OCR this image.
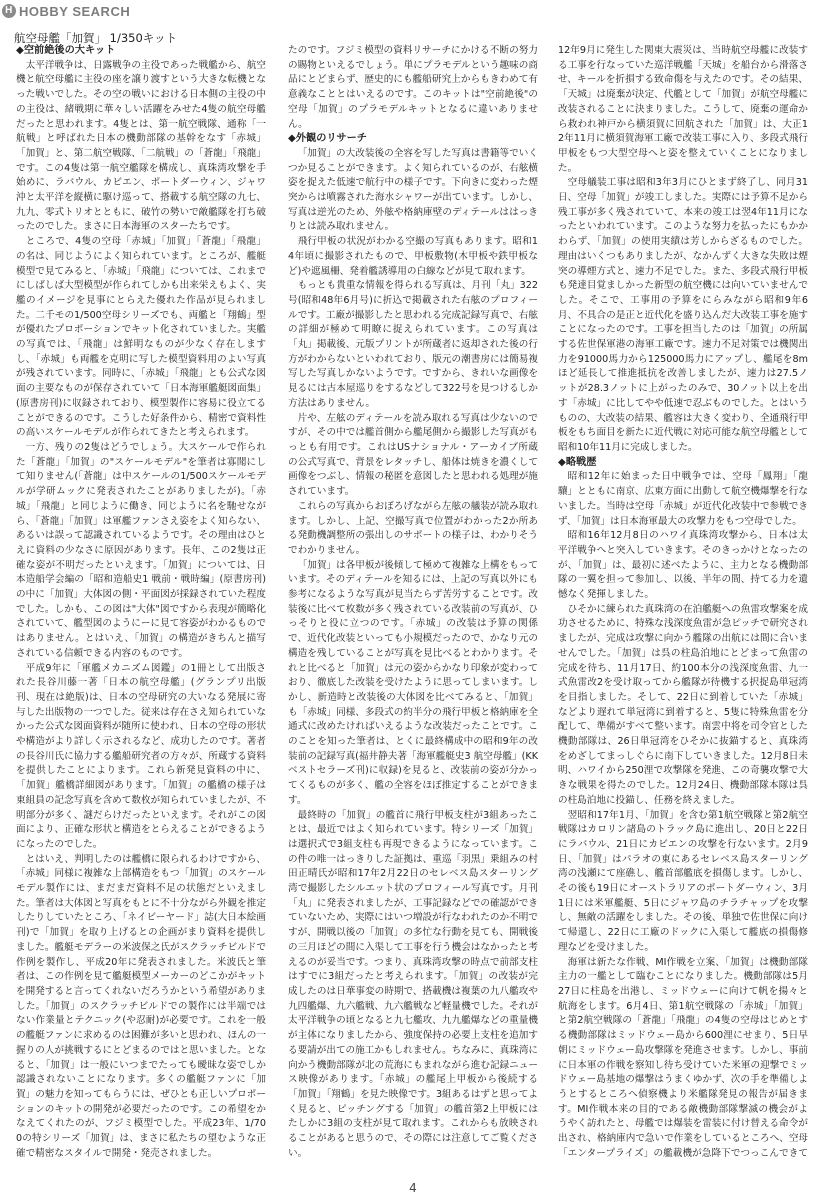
H HOBBY SEARCH
航空母艦「加賀」 1/350キット
◆空前絶後の大キット

太平洋戦争は、日露戦争の主役であった戦艦から、航空機と航空母艦に主役の座を譲り渡すという大きな転機となった戦いでした。その空の戦いにおける日本側の主役の中の主役は、緒戦期に華々しい活躍をみせた4隻の航空母艦だったと思われます。4隻とは、第一航空戦隊、通称「一航戦」と呼ばれた日本の機動部隊の基幹をなす「赤城」「加賀」と、第二航空戦隊、「二航戦」の「蒼龍」「飛龍」です。この4隻は第一航空艦隊を構成し、真珠湾攻撃を手始めに、ラバウル、カビエン、ポートダーウィン、ジャワ沖と太平洋を縦横に駆け巡って、搭載する航空隊の九七、九九、零式トリオとともに、破竹の勢いで敵艦隊を打ち破ったのでした。まさに日本海軍のスターたちです。

ところで、4隻の空母「赤城」「加賀」「蒼龍」「飛龍」の名は、同じようによく知られています。ところが、艦艇模型で見てみると、「赤城」「飛龍」については、これまでにしばしば大型模型が作られてしかも出来栄えもよく、実艦のイメージを見事にとらえた優れた作品が見られました。二千モの1/500空母シリーズでも、両艦と「翔鶴」型が優れたプロポーションでキット化されていました。実艦の写真では、「飛龍」は鮮明なものが少なく存在しますし、「赤城」も両艦を克明に写した模型資料用のよい写真が残されています。同時に、「赤城」「飛龍」とも公式な図面の主要なものが保存されていて「日本海軍艦艇図面集」(原書房刊)に収録されており、模型製作に容易に役立てることができるのです。こうした好条件から、精密で資料性の高いスケールモデルが作られてきたと考えられます。

一方、残りの2隻はどうでしょう。大スケールで作られた「蒼龍」「加賀」の"スケールモデル"を筆者は寡聞にして知りません(「蒼龍」は中スケールの1/500スケールモデルが学研ムックに発表されたことがありましたが)。「赤城」「飛龍」と同じように働き、同じように名を馳せながら、「蒼龍」「加賀」は軍艦ファンさえ姿をよく知らない、あるいは誤って認識されているようです。その理由はひとえに資料の少なさに原因があります。長年、この2隻は正確な姿が不明だったといえます。「加賀」については、日本造船学会編の「昭和造船史1 戦前・戦時編」(原書房刊)の中に「加賀」大体図の側・平面図が採録されていた程度でした。しかも、この図は"大体"図ですから表現が簡略化されていて、艦型図のようにーに見て容姿がわかるものではありません。とはいえ、「加賀」の構造がきちんと描写されている信頼できる内容のものです。

平成9年に「軍艦メカニズム図鑑」の1冊として出版された長谷川藤一著「日本の航空母艦」(グランプリ出版刊、現在は絶版)は、日本の空母研究の大いなる発展に寄与した出版物の一つでした。従来は存在さえ知られていなかった公式な図面資料が随所に使われ、日本の空母の形状や構造がより詳しく示されるなど、成功したのです。著者の長谷川氏に協力する艦船研究者の方々が、所蔵する資料を提供したことによります。これら新発見資料の中に、「加賀」艦橋詳細図があります。「加賀」の艦橋の様子は東組員の記念写真を含めて数枚が知られていましたが、不明部分が多く、謎だらけだったといえます。それがこの図面により、正確な形状と構造をとらえることができるようになったのでした。

とはいえ、判明したのは艦橋に限られるわけですから、「赤城」同様に複雑な上部構造をもつ「加賀」のスケールモデル製作には、まだまだ資料不足の状態だといえました。筆者は大体図と写真をもとに不十分ながら外観を推定したりしていたところ、「ネイビーヤード」誌(大日本絵画刊)で「加賀」を取り上げるとの企画がまり資料を提供しました。艦艇モデラーの米波保之氏がスクラッチビルドで作例を製作し、平成20年に発表されました。米波氏と筆者は、この作例を見て艦艇模型メーカーのどこかがキットを開発すると言ってくれないだろうかという希望がありました。「加賀」のスクラッチビルドでの製作には半端ではない作業量とテクニック(や忍耐)が必要です。これを一般の艦艇ファンに求めるのは困難が多いと思われ、ほんの一握りの人が挑戦するにとどまるのではと思いました。となると、「加賀」は一般にいつまでたっても曖昧な姿でしか認識されないことになります。多くの艦艇ファンに「加賀」の魅力を知ってもらうには、ぜひとも正しいプロポーションのキットの開発が必要だったのです。この希望をかなえてくれたのが、フジミ模型でした。平成23年、1/700の特シリーズ「加賀」は、まさに私たちの望むような正確で精密なスタイルで開発・発売されました。

たのです。フジミ模型の資料リサーチにかける不断の努力の賜物といえるでしょう。単にプラモデルという趣味の商品にとどまらず、歴史的にも艦船研究上からもきわめて有意義なこととはいえるのです。このキットは"空前絶後"の空母「加賀」のプラモデルキットとなるに違いありません。

◆外観のリサーチ

「加賀」の大改装後の全容を写した写真は書籍等でいくつか見ることができます。よく知られているのが、右舷横姿を捉えた低速で航行中の様子です。下向きに変わった煙突からは噴霧された海水シャワーが出ています。しかし、写真は逆光のため、外舷や格納庫壁のディテールははっきりとは読み取れません。

飛行甲板の状況がわかる空撮の写真もあります。昭和14年頃に撮影されたもので、甲板敷物(木甲板や鉄甲板など)や遮風柵、発着艦誘導用の白線などが見て取れます。

もっとも貴重な情報を得られる写真は、月刊「丸」322号(昭和48年6月号)に折込で掲載された右舷のプロフィールです。工廠が撮影したと思われる完成記録写真で、右舷の詳細が極めて明瞭に捉えられています。この写真は「丸」掲載後、元版プリントが所蔵者に返却された後の行方がわからないといわれており、版元の潮書房には簡易複写した写真しかないようです。ですから、きれいな画像を見るには古本屋巡りをするなどして322号を見つけるしか方法はありません。

片や、左舷のディテールを読み取れる写真は少ないのですが、その中では艦首側から艦尾側から撮影した写真がもっとも有用です。これはUSナショナル・アーカイブ所蔵の公式写真で、背景をレタッチし、船体は焼きを濃くして画像をつぶし、情報の秘匿を意図したと思われる処理が施されています。

これらの写真からおぼろげながら左舷の艤装が読み取れます。しかし、上記、空撮写真で位置がわかった2か所ある発動機調整所の張出しのサポートの様子は、わかりそうでわかりません。

「加賀」は各甲板が後傾して極めて複雑な上構をもっています。そのディテールを知るには、上記の写真以外にも参考になるような写真が見当たらず苦労することです。改装後に比べて枚数が多く残されている改装前の写真が、ひっそりと役に立つのです。「赤城」の改装は予算の関係で、近代化改装といっても小規模だったので、かなり元の構造を残していることが写真を見比べるとわかります。それと比べると「加賀」は元の姿からかなり印象が変わっており、徹底した改装を受けたように思ってしまいます。しかし、新造時と改装後の大体図を比べてみると、「加賀」も「赤城」同様、多段式の約半分の飛行甲板と格納庫を全通式に改めたければいえるような改装だったことです。このことを知った筆者は、とくに最終構成中の昭和9年の改装前の記録写真(福井静夫著「海軍艦艇史3 航空母艦」(KKベストセラーズ刊)に収録)を見ると、改装前の姿が分かってくるものが多く、艦の全容をほぼ推定することができます。

最終時の「加賀」の艦首に飛行甲板支柱が3組あったことは、最近ではよく知られています。特シリーズ「加賀」は選択式で3組支柱も再現できるようになっています。この件の唯一はっきりした証拠は、重巡「羽黒」乗組みの村田正晴氏が昭和17年2月22日のセレベス島スターリング湾で撮影したシルエット状のプロフィール写真です。月刊「丸」に発表されましたが、工事記録などでの確認ができていないため、実際にはいつ増設が行なわれたのか不明ですが、開戦以後の「加賀」の多忙な行動を見ても、開戦後の三月ほどの間に入渠して工事を行う機会はなかったと考えるのが妥当です。つまり、真珠湾攻撃の時点で前部支柱はすでに3組だったと考えられます。「加賀」の改装が完成したのは日華事変の時期で、搭載機は複葉の九八艦攻や九四艦爆、九六艦戦、九六艦戦など軽量機でした。それが太平洋戦争の頃となると九七艦攻、九九艦爆などの重量機が主体になりましたから、強度保持の必要上支柱を追加する要請が出ての施工かもしれません。ちなみに、真珠湾に向かう機動部隊が北の荒海にもまれながら進む記録ニュース映像があります。「赤城」の艦尾上甲板から後続する「加賀」「翔鶴」を見た映像です。3組あるはずと思ってよく見ると、ピッチングする「加賀」の艦首第2上甲板にはたしかに3組の支柱が見て取れます。これからも放映されることがあると思うので、その際には注意してご覧ください。

12年9月に発生した関東大震災は、当時航空母艦に改装する工事を行なっていた巡洋戦艦「天城」を船台から滑落させ、キールを折損する致命傷を与えたのです。その結果、「天城」は廃棄が決定、代艦として「加賀」が航空母艦に改装されることに決まりました。こうして、廃棄の運命から救われ神戸から横須賀に回航された「加賀」は、大正12年11月に横須賀海軍工廠で改装工事に入り、多段式飛行甲板をもつ大型空母へと姿を整えていくことになりました。

空母艤装工事は昭和3年3月にひとまず終了し、同月31日、空母「加賀」が竣工しました。実際には予算不足から残工事が多く残されていて、本来の竣工は翌4年11月になったといわれています。このような努力を払ったにもかかわらず、「加賀」の使用実績は芳しからざるものでした。理由はいくつもありましたが、なかんずく大きな失敗は煙突の導煙方式と、速力不足でした。また、多段式飛行甲板も発達目覚ましかった新型の航空機には向いていませんでした。そこで、工事用の予算をにらみながら昭和9年6月、不具合の是正と近代化を盛り込んだ大改装工事を施すことになったのです。工事を担当したのは「加賀」の所属する佐世保軍港の海軍工廠です。速力不足対策では機関出力を91000馬力から125000馬力にアップし、艦尾を8mほど延長して推進抵抗を改善しましたが、速力は27.5ノットが28.3ノットに上がったのみで、30ノット以上を出す「赤城」に比してやや低速で忍ぶものでした。とはいうものの、大改装の結果、艦容は大きく変わり、全通飛行甲板をもち面目を新たに近代戦に対応可能な航空母艦として昭和10年11月に完成しました。

◆略戦歴

昭和12年に始まった日中戦争では、空母「鳳翔」「龍驤」とともに南京、広東方面に出動して航空機爆撃を行ないました。当時は空母「赤城」が近代化改装中で参戦できず、「加賀」は日本海軍最大の攻撃力をもつ空母でした。

昭和16年12月8日のハワイ真珠湾攻撃から、日本は太平洋戦争へと突入していきます。そのきっかけとなったのが、「加賀」は、最初に述べたように、主力となる機動部隊の一翼を担って参加し、以後、半年の間、持てる力を遺憾なく発揮しました。

ひそかに練られた真珠湾の在泊艦艇への魚雷攻撃案を成功させるために、特殊な浅深度魚雷が急ピッチで研究されましたが、完成は攻撃に向かう艦隊の出航には間に合いませんでした。「加賀」は呉の柱島泊地にとどまって魚雷の完成を待ち、11月17日、約100本分の浅深度魚雷、九一式魚雷改2を受け取ってから艦隊が待機する択捉島単冠湾を目指しました。そして、22日に到着していた「赤城」などより遅れて単冠湾に到着すると、5隻に特殊魚雷を分配して、準備がすべて整います。南雲中将を司令官とした機動部隊は、26日単冠湾をひそかに抜錨すると、真珠湾をめざしてまっしぐらに南下していきました。12月8日未明、ハワイから250浬で攻撃隊を発進、この奇襲攻撃で大きな戦果を得たのでした。12月24日、機動部隊本隊は呉の柱島泊地に投錨し、任務を終えました。

翌昭和17年1月、「加賀」を含む第1航空戦隊と第2航空戦隊はカロリン諸島のトラック島に進出し、20日と22日にラバウル、21日にカビエンの攻撃を行ないます。2月9日、「加賀」はパラオの東にあるセレベス島スターリング湾の浅瀬にて座礁し、艦首部艦底を損傷します。しかし、その後も19日にオーストラリアのポートダーウィン、3月1日には米軍艦艇、5日にジャワ島のチラチャップを攻撃し、無敵の活躍をしました。その後、単独で佐世保に向けて帰還し、22日に工廠のドックに入渠して艦底の損傷修理などを受けました。

海軍は新たな作戦、MI作戦を立案、「加賀」は機動部隊主力の一艦として臨むことになりました。機動部隊は5月27日に柱島を出港し、ミッドウェーに向けて帆を揚々と航海をします。6月4日、第1航空戦隊の「赤城」「加賀」と第2航空戦隊の「蒼龍」「飛龍」の4隻の空母はじめとする機動部隊はミッドウェー島から600浬にせまり、5日早朝にミッドウェー島攻撃隊を発進させます。しかし、事前に日本軍の作戦を察知し待ち受けていた米軍の迎撃でミッドウェー島基地の爆撃はうまくゆかず、次の手を準備しようとするところへ偵察機より米艦隊発見の報告が届きます。MI作戦本来の目的である敵機動部隊撃滅の機会がようやく訪れたと、母艦では爆装を雷装に付け替える命令が出され、格納庫内で急いで作業をしているところへ、空母「エンタープライズ」の艦載機が急降下でつっこんできて

4
